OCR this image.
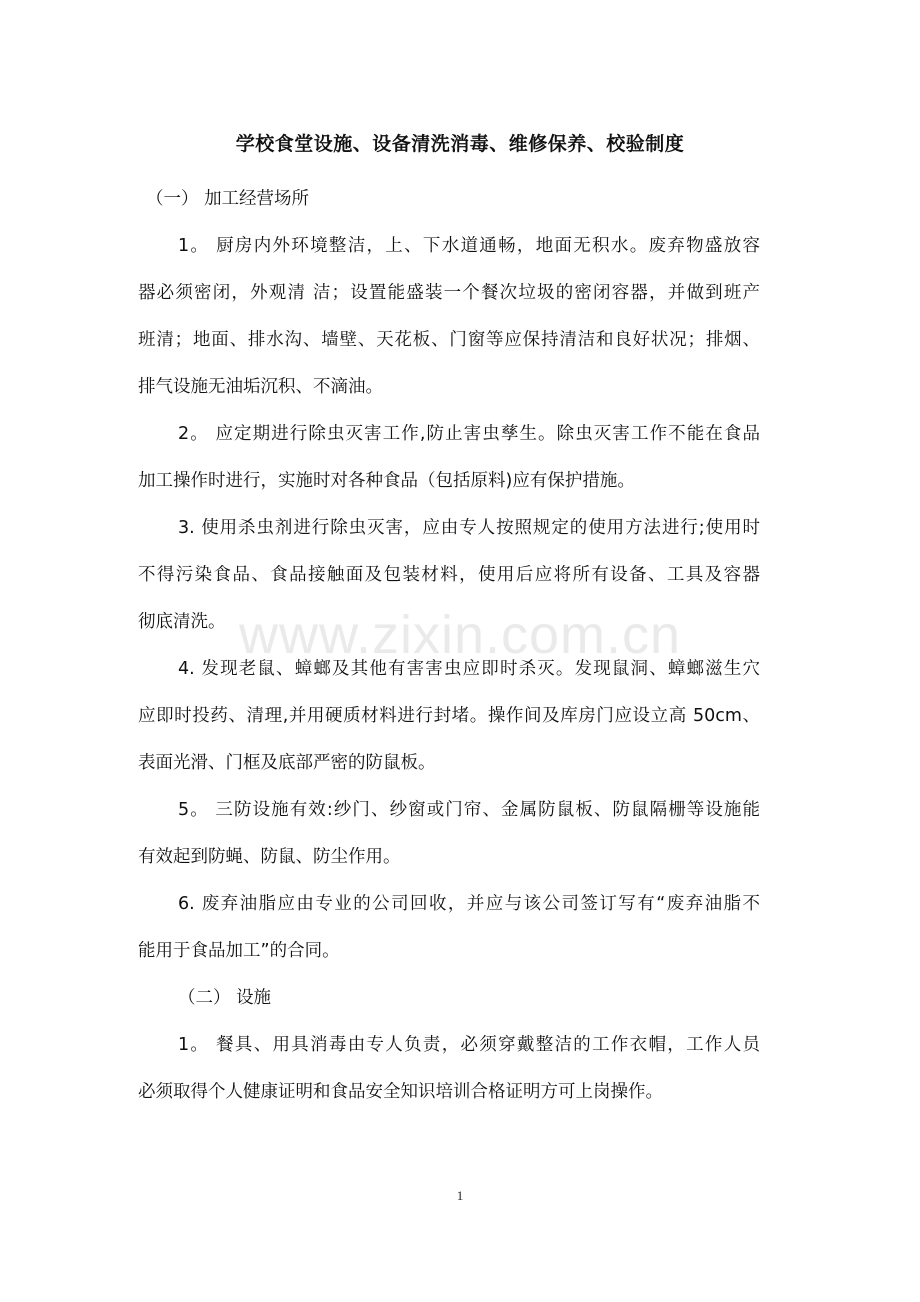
学校食堂设施、设备清洗消毒、维修保养、校验制度
（一） 加工经营场所
1。 厨房内外环境整洁，上、下水道通畅，地面无积水。废弃物盛放容
器必须密闭，外观清 洁；设置能盛装一个餐次垃圾的密闭容器，并做到班产
班清；地面、排水沟、墙壁、天花板、门窗等应保持清洁和良好状况；排烟、
排气设施无油垢沉积、不滴油。
2。 应定期进行除虫灭害工作,防止害虫孳生。除虫灭害工作不能在食品
加工操作时进行，实施时对各种食品（包括原料)应有保护措施。
3. 使用杀虫剂进行除虫灭害，应由专人按照规定的使用方法进行;使用时
不得污染食品、食品接触面及包装材料，使用后应将所有设备、工具及容器
彻底清洗。
4. 发现老鼠、蟑螂及其他有害害虫应即时杀灭。发现鼠洞、蟑螂滋生穴
应即时投药、清理,并用硬质材料进行封堵。操作间及库房门应设立高 50cm、
表面光滑、门框及底部严密的防鼠板。
5。 三防设施有效:纱门、纱窗或门帘、金属防鼠板、防鼠隔栅等设施能
有效起到防蝇、防鼠、防尘作用。
6. 废弃油脂应由专业的公司回收，并应与该公司签订写有“废弃油脂不
能用于食品加工”的合同。
（二） 设施
1。 餐具、用具消毒由专人负责，必须穿戴整洁的工作衣帽，工作人员
必须取得个人健康证明和食品安全知识培训合格证明方可上岗操作。
www.zixin.com.cn
1
